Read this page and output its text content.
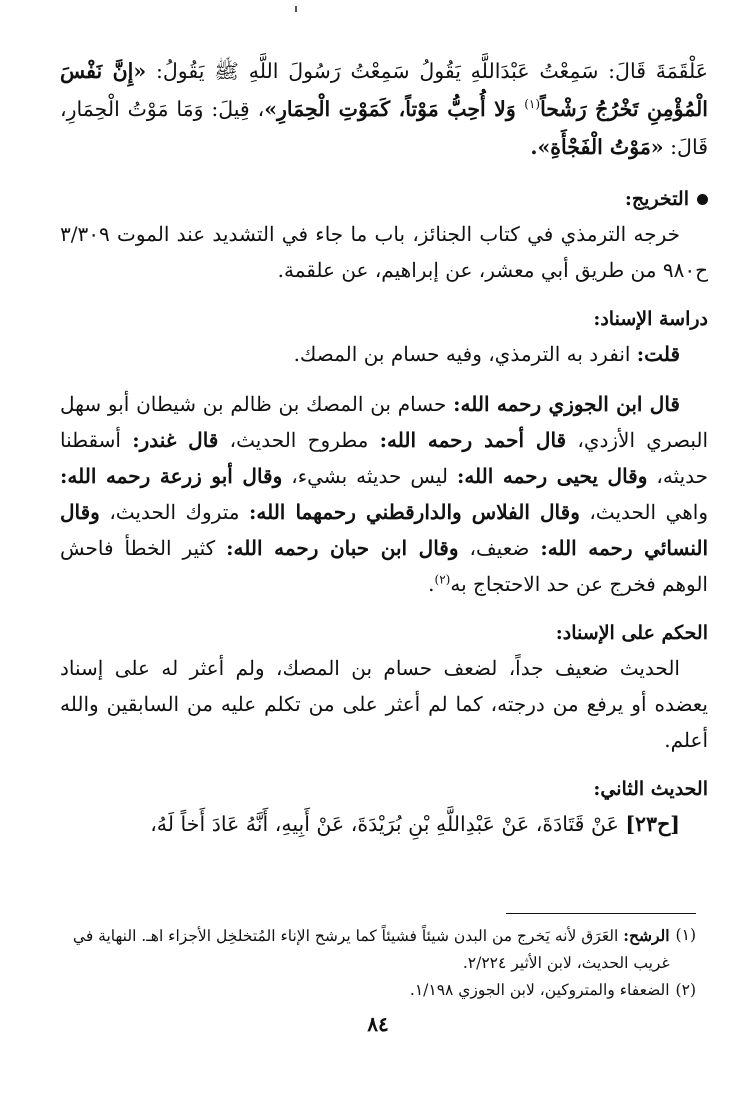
عَلْقَمَةَ قَالَ: سَمِعْتُ عَبْدَاللَّهِ يَقُولُ سَمِعْتُ رَسُولَ اللَّهِ ﷺ يَقُولُ: «إِنَّ نَفْسَ الْمُؤْمِنِ تَخْرُجُ رَشْحاً$^{(١)}$ وَلا أُحِبُّ مَوْتاً، كَمَوْتِ الْحِمَارِ»، قِيلَ: وَمَا مَوْتُ الْحِمَارِ، قَالَ: «مَوْتُ الْفَجْأَةِ».

التخريج:

خرجه الترمذي في كتاب الجنائز، باب ما جاء في التشديد عند الموت ٣/٣٠٩ ح٩٨٠ من طريق أبي معشر، عن إبراهيم، عن علقمة.

دراسة الإسناد:

قلت: انفرد به الترمذي، وفيه حسام بن المصك.

قال ابن الجوزي رحمه الله: حسام بن المصك بن ظالم بن شيطان أبو سهل البصري الأزدي، قال أحمد رحمه الله: مطروح الحديث، قال غندر: أسقطنا حديثه، وقال يحيى رحمه الله: ليس حديثه بشيء، وقال أبو زرعة رحمه الله: واهي الحديث، وقال الفلاس والدارقطني رحمهما الله: متروك الحديث، وقال النسائي رحمه الله: ضعيف، وقال ابن حبان رحمه الله: كثير الخطأ فاحش الوهم فخرج عن حد الاحتجاج به$^{(٢)}$.

الحكم على الإسناد:

الحديث ضعيف جداً، لضعف حسام بن المصك، ولم أعثر له على إسناد يعضده أو يرفع من درجته، كما لم أعثر على من تكلم عليه من السابقين والله أعلم.

الحديث الثاني:

[ح٢٣] عَنْ قَتَادَةَ، عَنْ عَبْدِاللَّهِ بْنِ بُرَيْدَةَ، عَنْ أَبِيهِ، أَنَّهُ عَادَ أَخاً لَهُ،

(١)
الرشح: العَرَق لأنه يَخرج من البدن شيئاً فشيئاً كما يرشح الإناء المُتخلخِل الأجزاء اهـ. النهاية في غريب الحديث، لابن الأثير ٢/٢٢٤.

(٢)
الضعفاء والمتروكين، لابن الجوزي ١/١٩٨.

٨٤
